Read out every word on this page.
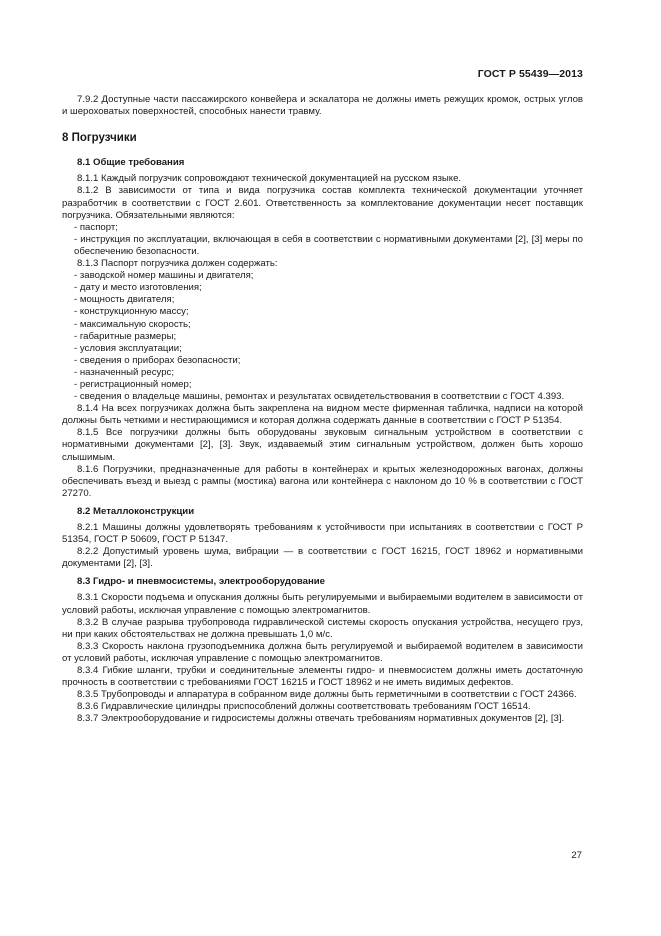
ГОСТ Р 55439—2013

7.9.2 Доступные части пассажирского конвейера и эскалатора не должны иметь режущих кромок, острых углов и шероховатых поверхностей, способных нанести травму.

8 Погрузчики
8.1 Общие требования

8.1.1 Каждый погрузчик сопровождают технической документацией на русском языке.

8.1.2 В зависимости от типа и вида погрузчика состав комплекта технической документации уточняет разработчик в соответствии с ГОСТ 2.601. Ответственность за комплектование документации несет поставщик погрузчика. Обязательными являются:

- паспорт;

- инструкция по эксплуатации, включающая в себя в соответствии с нормативными документами [2], [3] меры по обеспечению безопасности.

8.1.3 Паспорт погрузчика должен содержать:

- заводской номер машины и двигателя;

- дату и место изготовления;

- мощность двигателя;

- конструкционную массу;

- максимальную скорость;

- габаритные размеры;

- условия эксплуатации;

- сведения о приборах безопасности;

- назначенный ресурс;

- регистрационный номер;

- сведения о владельце машины, ремонтах и результатах освидетельствования в соответствии с ГОСТ 4.393.

8.1.4 На всех погрузчиках должна быть закреплена на видном месте фирменная табличка, надписи на которой должны быть четкими и нестирающимися и которая должна содержать данные в соответствии с ГОСТ Р 51354.

8.1.5 Все погрузчики должны быть оборудованы звуковым сигнальным устройством в соответствии с нормативными документами [2], [3]. Звук, издаваемый этим сигнальным устройством, должен быть хорошо слышимым.

8.1.6 Погрузчики, предназначенные для работы в контейнерах и крытых железнодорожных вагонах, должны обеспечивать въезд и выезд с рампы (мостика) вагона или контейнера с наклоном до 10 % в соответствии с ГОСТ 27270.

8.2 Металлоконструкции

8.2.1 Машины должны удовлетворять требованиям к устойчивости при испытаниях в соответствии с ГОСТ Р 51354, ГОСТ Р 50609, ГОСТ Р 51347.

8.2.2 Допустимый уровень шума, вибрации — в соответствии с ГОСТ 16215, ГОСТ 18962 и нормативными документами [2], [3].

8.3 Гидро- и пневмосистемы, электрооборудование

8.3.1 Скорости подъема и опускания должны быть регулируемыми и выбираемыми водителем в зависимости от условий работы, исключая управление с помощью электромагнитов.

8.3.2 В случае разрыва трубопровода гидравлической системы скорость опускания устройства, несущего груз, ни при каких обстоятельствах не должна превышать 1,0 м/с.

8.3.3 Скорость наклона грузоподъемника должна быть регулируемой и выбираемой водителем в зависимости от условий работы, исключая управление с помощью электромагнитов.

8.3.4 Гибкие шланги, трубки и соединительные элементы гидро- и пневмосистем должны иметь достаточную прочность в соответствии с требованиями ГОСТ 16215 и ГОСТ 18962 и не иметь видимых дефектов.

8.3.5 Трубопроводы и аппаратура в собранном виде должны быть герметичными в соответствии с ГОСТ 24366.

8.3.6 Гидравлические цилиндры приспособлений должны соответствовать требованиям ГОСТ 16514.

8.3.7 Электрооборудование и гидросистемы должны отвечать требованиям нормативных документов [2], [3].

27
